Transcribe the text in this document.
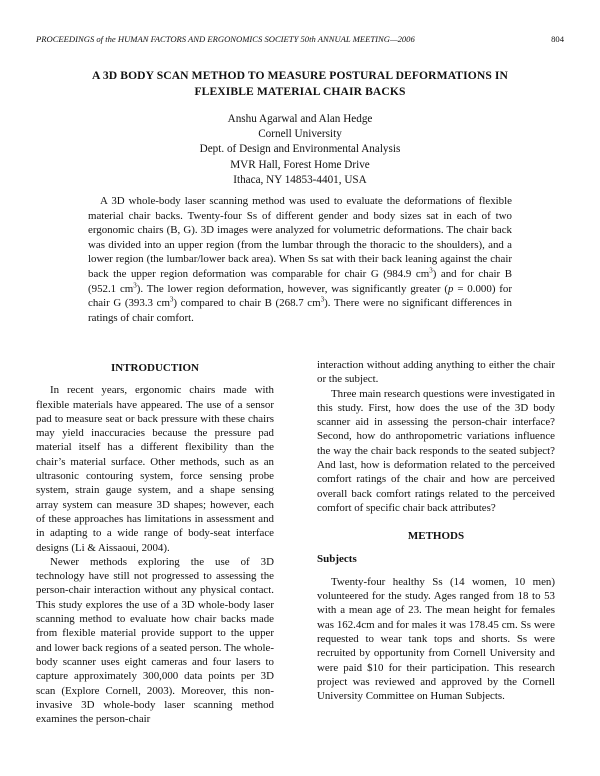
PROCEEDINGS of the HUMAN FACTORS AND ERGONOMICS SOCIETY 50th ANNUAL MEETING—2006	804
A 3D BODY SCAN METHOD TO MEASURE POSTURAL DEFORMATIONS IN
FLEXIBLE MATERIAL CHAIR BACKS
Anshu Agarwal and Alan Hedge
Cornell University
Dept. of Design and Environmental Analysis
MVR Hall, Forest Home Drive
Ithaca, NY 14853-4401, USA
A 3D whole-body laser scanning method was used to evaluate the deformations of flexible material chair backs. Twenty-four Ss of different gender and body sizes sat in each of two ergonomic chairs (B, G). 3D images were analyzed for volumetric deformations. The chair back was divided into an upper region (from the lumbar through the thoracic to the shoulders), and a lower region (the lumbar/lower back area). When Ss sat with their back leaning against the chair back the upper region deformation was comparable for chair G (984.9 $cm^3$) and for chair B (952.1 $cm^3$). The lower region deformation, however, was significantly greater (p = 0.000) for chair G (393.3 $cm^3$) compared to chair B (268.7 $cm^3$). There were no significant differences in ratings of chair comfort.
INTRODUCTION

In recent years, ergonomic chairs made with flexible materials have appeared. The use of a sensor pad to measure seat or back pressure with these chairs may yield inaccuracies because the pressure pad material itself has a different flexibility than the chair’s material surface. Other methods, such as an ultrasonic contouring system, force sensing probe system, strain gauge system, and a shape sensing array system can measure 3D shapes; however, each of these approaches has limitations in assessment and in adapting to a wide range of body-seat interface designs (Li & Aissaoui, 2004).

Newer methods exploring the use of 3D technology have still not progressed to assessing the person-chair interaction without any physical contact. This study explores the use of a 3D whole-body laser scanning method to evaluate how chair backs made from flexible material provide support to the upper and lower back regions of a seated person. The whole-body scanner uses eight cameras and four lasers to capture approximately 300,000 data points per 3D scan (Explore Cornell, 2003). Moreover, this non-invasive 3D whole-body laser scanning method examines the person-chair

interaction without adding anything to either the chair or the subject.

Three main research questions were investigated in this study. First, how does the use of the 3D body scanner aid in assessing the person-chair interface? Second, how do anthropometric variations influence the way the chair back responds to the seated subject? And last, how is deformation related to the perceived comfort ratings of the chair and how are perceived overall back comfort ratings related to the perceived comfort of specific chair back attributes?

METHODS
Subjects

Twenty-four healthy Ss (14 women, 10 men) volunteered for the study. Ages ranged from 18 to 53 with a mean age of 23. The mean height for females was 162.4cm and for males it was 178.45 cm. Ss were requested to wear tank tops and shorts. Ss were recruited by opportunity from Cornell University and were paid $10 for their participation. This research project was reviewed and approved by the Cornell University Committee on Human Subjects.
